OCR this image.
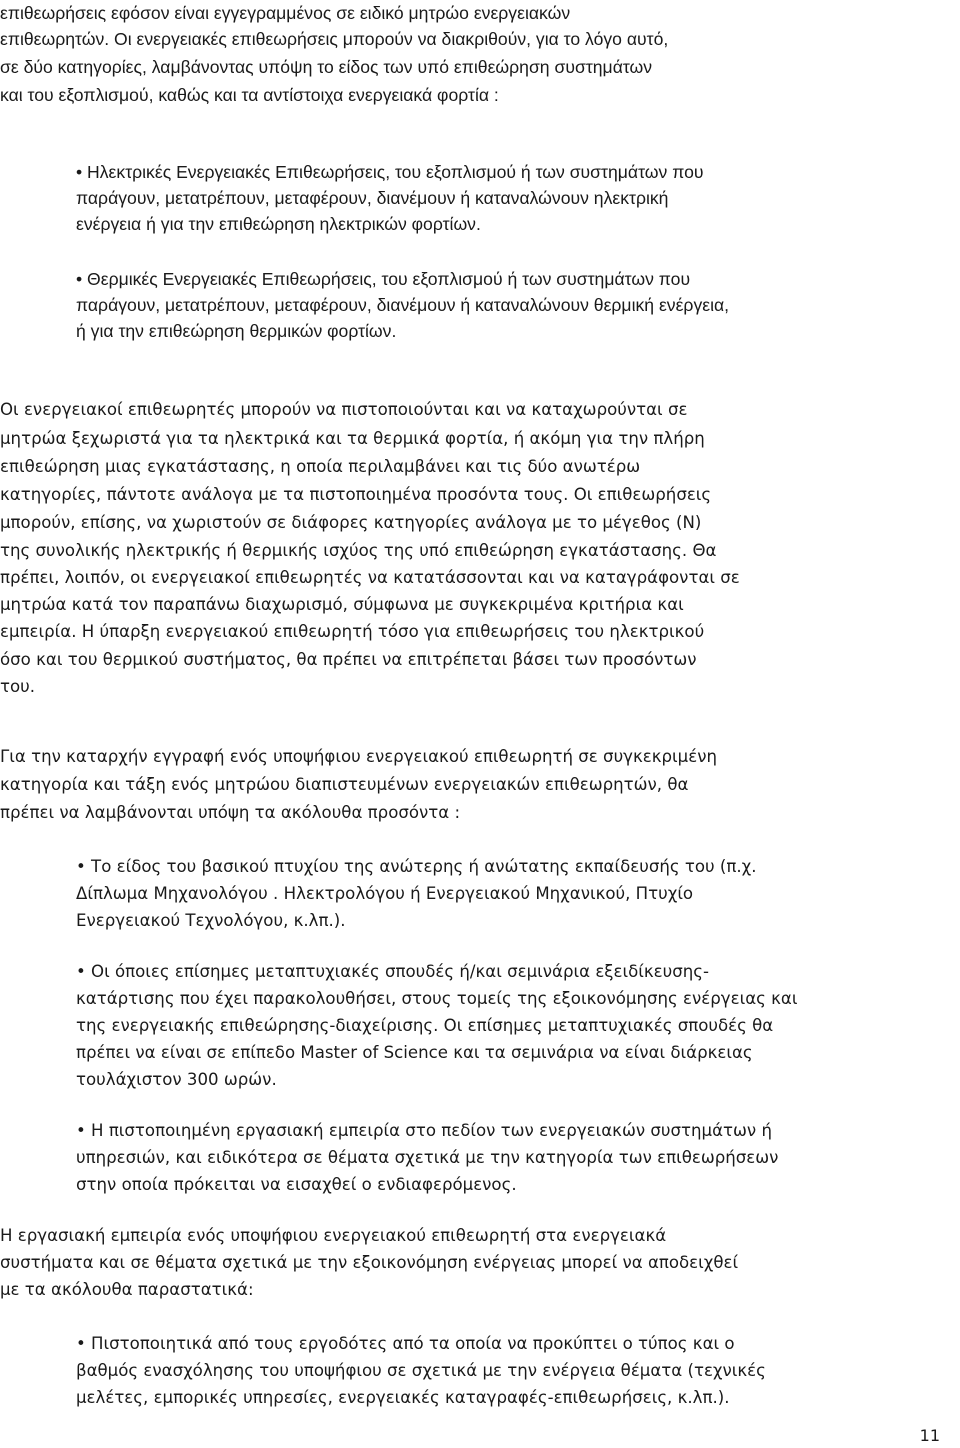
επιθεωρήσεις εφόσον είναι εγγεγραμμένος σε ειδικό μητρώο ενεργειακών
επιθεωρητών. Οι ενεργειακές επιθεωρήσεις μπορούν να διακριθούν, για το λόγο αυτό,
σε δύο κατηγορίες, λαμβάνοντας υπόψη το είδος των υπό επιθεώρηση συστημάτων
και του εξοπλισμού, καθώς και τα αντίστοιχα ενεργειακά φορτία :
• Ηλεκτρικές Ενεργειακές Επιθεωρήσεις, του εξοπλισμού ή των συστημάτων που
παράγουν, μετατρέπουν, μεταφέρουν, διανέμουν ή καταναλώνουν ηλεκτρική
ενέργεια ή για την επιθεώρηση ηλεκτρικών φορτίων.
• Θερμικές Ενεργειακές Επιθεωρήσεις, του εξοπλισμού ή των συστημάτων που
παράγουν, μετατρέπουν, μεταφέρουν, διανέμουν ή καταναλώνουν θερμική ενέργεια,
ή για την επιθεώρηση θερμικών φορτίων.
Οι ενεργειακοί επιθεωρητές μπορούν να πιστοποιούνται και να καταχωρούνται σε
μητρώα ξεχωριστά για τα ηλεκτρικά και τα θερμικά φορτία, ή ακόμη για την πλήρη
επιθεώρηση μιας εγκατάστασης, η οποία περιλαμβάνει και τις δύο ανωτέρω
κατηγορίες, πάντοτε ανάλογα με τα πιστοποιημένα προσόντα τους. Οι επιθεωρήσεις
μπορούν, επίσης, να χωριστούν σε διάφορες κατηγορίες ανάλογα με το μέγεθος (N)
της συνολικής ηλεκτρικής ή θερμικής ισχύος της υπό επιθεώρηση εγκατάστασης. Θα
πρέπει, λοιπόν, οι ενεργειακοί επιθεωρητές να κατατάσσονται και να καταγράφονται σε
μητρώα κατά τον παραπάνω διαχωρισμό, σύμφωνα με συγκεκριμένα κριτήρια και
εμπειρία. Η ύπαρξη ενεργειακού επιθεωρητή τόσο για επιθεωρήσεις του ηλεκτρικού
όσο και του θερμικού συστήματος, θα πρέπει να επιτρέπεται βάσει των προσόντων
του.
Για την καταρχήν εγγραφή ενός υποψήφιου ενεργειακού επιθεωρητή σε συγκεκριμένη
κατηγορία και τάξη ενός μητρώου διαπιστευμένων ενεργειακών επιθεωρητών, θα
πρέπει να λαμβάνονται υπόψη τα ακόλουθα προσόντα :
• Το είδος του βασικού πτυχίου της ανώτερης ή ανώτατης εκπαίδευσής του (π.χ.
Δίπλωμα Μηχανολόγου . Ηλεκτρολόγου ή Ενεργειακού Μηχανικού, Πτυχίο
Ενεργειακού Τεχνολόγου, κ.λπ.).
• Οι όποιες επίσημες μεταπτυχιακές σπουδές ή/και σεμινάρια εξειδίκευσης-
κατάρτισης που έχει παρακολουθήσει, στους τομείς της εξοικονόμησης ενέργειας και
της ενεργειακής επιθεώρησης-διαχείρισης. Οι επίσημες μεταπτυχιακές σπουδές θα
πρέπει να είναι σε επίπεδο Master of Science και τα σεμινάρια να είναι διάρκειας
τουλάχιστον 300 ωρών.
• Η πιστοποιημένη εργασιακή εμπειρία στο πεδίον των ενεργειακών συστημάτων ή
υπηρεσιών, και ειδικότερα σε θέματα σχετικά με την κατηγορία των επιθεωρήσεων
στην οποία πρόκειται να εισαχθεί ο ενδιαφερόμενος.
Η εργασιακή εμπειρία ενός υποψήφιου ενεργειακού επιθεωρητή στα ενεργειακά
συστήματα και σε θέματα σχετικά με την εξοικονόμηση ενέργειας μπορεί να αποδειχθεί
με τα ακόλουθα παραστατικά:
• Πιστοποιητικά από τους εργοδότες από τα οποία να προκύπτει ο τύπος και ο
βαθμός ενασχόλησης του υποψήφιου σε σχετικά με την ενέργεια θέματα (τεχνικές
μελέτες, εμπορικές υπηρεσίες, ενεργειακές καταγραφές-επιθεωρήσεις, κ.λπ.).
11
